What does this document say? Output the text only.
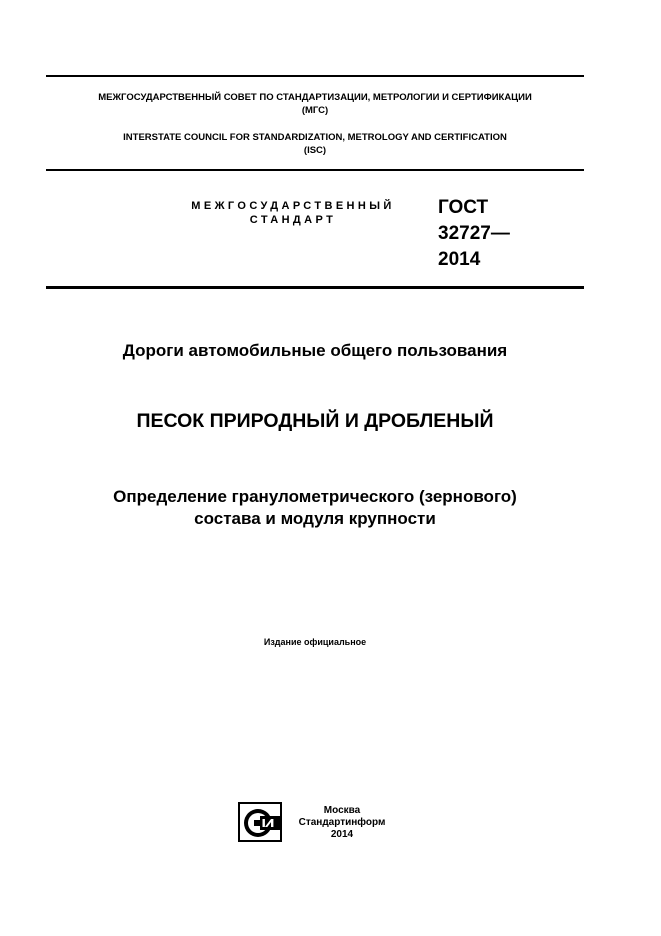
МЕЖГОСУДАРСТВЕННЫЙ СОВЕТ ПО СТАНДАРТИЗАЦИИ, МЕТРОЛОГИИ И СЕРТИФИКАЦИИ
(МГС)
INTERSTATE COUNCIL FOR STANDARDIZATION, METROLOGY AND CERTIFICATION
(ISC)
МЕЖГОСУДАРСТВЕННЫЙ
СТАНДАРТ
ГОСТ
32727—
2014
Дороги автомобильные общего пользования
ПЕСОК ПРИРОДНЫЙ И ДРОБЛЕНЫЙ
Определение гранулометрического (зернового)
состава и модуля крупности
Издание официальное
Москва
Стандартинформ
2014
